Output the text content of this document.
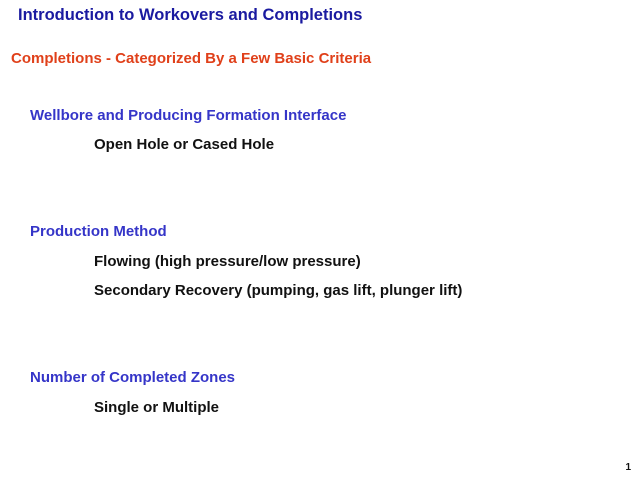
Introduction to Workovers and Completions
Completions - Categorized By a Few Basic Criteria
Wellbore and Producing Formation Interface
Open Hole or Cased Hole
Production Method
Flowing (high pressure/low pressure)
Secondary Recovery (pumping, gas lift, plunger lift)
Number of Completed Zones
Single or Multiple
1
